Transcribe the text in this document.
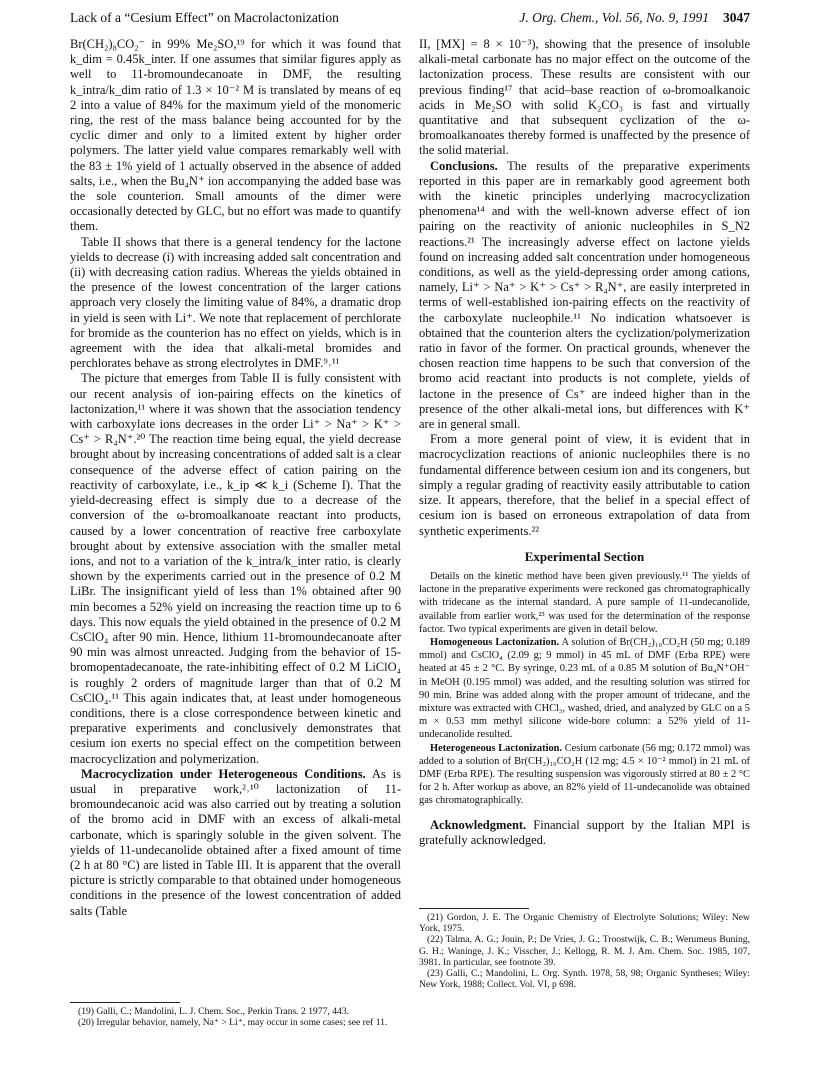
Lack of a “Cesium Effect” on Macrolactonization	J. Org. Chem., Vol. 56, No. 9, 1991 3047

Br(CH₂)₈CO₂⁻ in 99% Me₂SO,¹⁹ for which it was found that k_dim = 0.45k_inter. If one assumes that similar figures apply as well to 11-bromoundecanoate in DMF, the resulting k_intra/k_dim ratio of 1.3 × 10⁻² M is translated by means of eq 2 into a value of 84% for the maximum yield of the monomeric ring, the rest of the mass balance being accounted for by the cyclic dimer and only to a limited extent by higher order polymers. The latter yield value compares remarkably well with the 83 ± 1% yield of 1 actually observed in the absence of added salts, i.e., when the Bu₄N⁺ ion accompanying the added base was the sole counterion. Small amounts of the dimer were occasionally detected by GLC, but no effort was made to quantify them.

Table II shows that there is a general tendency for the lactone yields to decrease (i) with increasing added salt concentration and (ii) with decreasing cation radius. Whereas the yields obtained in the presence of the lowest concentration of the larger cations approach very closely the limiting value of 84%, a dramatic drop in yield is seen with Li⁺. We note that replacement of perchlorate for bromide as the counterion has no effect on yields, which is in agreement with the idea that alkali-metal bromides and perchlorates behave as strong electrolytes in DMF.⁹˒¹¹

The picture that emerges from Table II is fully consistent with our recent analysis of ion-pairing effects on the kinetics of lactonization,¹¹ where it was shown that the association tendency with carboxylate ions decreases in the order Li⁺ > Na⁺ > K⁺ > Cs⁺ > R₄N⁺.²⁰ The reaction time being equal, the yield decrease brought about by increasing concentrations of added salt is a clear consequence of the adverse effect of cation pairing on the reactivity of carboxylate, i.e., k_ip ≪ k_i (Scheme I). That the yield-decreasing effect is simply due to a decrease of the conversion of the ω-bromoalkanoate reactant into products, caused by a lower concentration of reactive free carboxylate brought about by extensive association with the smaller metal ions, and not to a variation of the k_intra/k_inter ratio, is clearly shown by the experiments carried out in the presence of 0.2 M LiBr. The insignificant yield of less than 1% obtained after 90 min becomes a 52% yield on increasing the reaction time up to 6 days. This now equals the yield obtained in the presence of 0.2 M CsClO₄ after 90 min. Hence, lithium 11-bromoundecanoate after 90 min was almost unreacted. Judging from the behavior of 15-bromopentadecanoate, the rate-inhibiting effect of 0.2 M LiClO₄ is roughly 2 orders of magnitude larger than that of 0.2 M CsClO₄.¹¹ This again indicates that, at least under homogeneous conditions, there is a close correspondence between kinetic and preparative experiments and conclusively demonstrates that cesium ion exerts no special effect on the competition between macrocyclization and polymerization.

Macrocyclization under Heterogeneous Conditions. As is usual in preparative work,²˒¹⁰ lactonization of 11-bromoundecanoic acid was also carried out by treating a solution of the bromo acid in DMF with an excess of alkali-metal carbonate, which is sparingly soluble in the given solvent. The yields of 11-undecanolide obtained after a fixed amount of time (2 h at 80 °C) are listed in Table III. It is apparent that the overall picture is strictly comparable to that obtained under homogeneous conditions in the presence of the lowest concentration of added salts (Table

II, [MX] = 8 × 10⁻³), showing that the presence of insoluble alkali-metal carbonate has no major effect on the outcome of the lactonization process. These results are consistent with our previous finding¹⁷ that acid–base reaction of ω-bromoalkanoic acids in Me₂SO with solid K₂CO₃ is fast and virtually quantitative and that subsequent cyclization of the ω-bromoalkanoates thereby formed is unaffected by the presence of the solid material.

Conclusions. The results of the preparative experiments reported in this paper are in remarkably good agreement both with the kinetic principles underlying macrocyclization phenomena¹⁴ and with the well-known adverse effect of ion pairing on the reactivity of anionic nucleophiles in S_N2 reactions.²¹ The increasingly adverse effect on lactone yields found on increasing added salt concentration under homogeneous conditions, as well as the yield-depressing order among cations, namely, Li⁺ > Na⁺ > K⁺ > Cs⁺ > R₄N⁺, are easily interpreted in terms of well-established ion-pairing effects on the reactivity of the carboxylate nucleophile.¹¹ No indication whatsoever is obtained that the counterion alters the cyclization/polymerization ratio in favor of the former. On practical grounds, whenever the chosen reaction time happens to be such that conversion of the bromo acid reactant into products is not complete, yields of lactone in the presence of Cs⁺ are indeed higher than in the presence of the other alkali-metal ions, but differences with K⁺ are in general small.

From a more general point of view, it is evident that in macrocyclization reactions of anionic nucleophiles there is no fundamental difference between cesium ion and its congeners, but simply a regular grading of reactivity easily attributable to cation size. It appears, therefore, that the belief in a special effect of cesium ion is based on erroneous extrapolation of data from synthetic experiments.²²

Experimental Section

Details on the kinetic method have been given previously.¹¹ The yields of lactone in the preparative experiments were reckoned gas chromatographically with tridecane as the internal standard. A pure sample of 11-undecanolide, available from earlier work,²³ was used for the determination of the response factor. Two typical experiments are given in detail below.

Homogeneous Lactonization. A solution of Br(CH₂)₁₀CO₂H (50 mg; 0.189 mmol) and CsClO₄ (2.09 g; 9 mmol) in 45 mL of DMF (Erba RPE) were heated at 45 ± 2 °C. By syringe, 0.23 mL of a 0.85 M solution of Bu₄N⁺OH⁻ in MeOH (0.195 mmol) was added, and the resulting solution was stirred for 90 min. Brine was added along with the proper amount of tridecane, and the mixture was extracted with CHCl₃, washed, dried, and analyzed by GLC on a 5 m × 0.53 mm methyl silicone wide-bore column: a 52% yield of 11-undecanolide resulted.

Heterogeneous Lactonization. Cesium carbonate (56 mg; 0.172 mmol) was added to a solution of Br(CH₂)₁₀CO₂H (12 mg; 4.5 × 10⁻² mmol) in 21 mL of DMF (Erba RPE). The resulting suspension was vigorously stirred at 80 ± 2 °C for 2 h. After workup as above, an 82% yield of 11-undecanolide was obtained gas chromatographically.

Acknowledgment. Financial support by the Italian MPI is gratefully acknowledged.

(21) Gordon, J. E. The Organic Chemistry of Electrolyte Solutions; Wiley: New York, 1975.

(22) Talma, A. G.; Jouin, P.; De Vries, J. G.; Troostwijk, C. B.; Werumeus Buning, G. H.; Waninge, J. K.; Visscher, J.; Kellogg, R. M. J. Am. Chem. Soc. 1985, 107, 3981. In particular, see footnote 39.

(23) Galli, C.; Mandolini, L. Org. Synth. 1978, 58, 98; Organic Syntheses; Wiley: New York, 1988; Collect. Vol. VI, p 698.

(19) Galli, C.; Mandolini, L. J. Chem. Soc., Perkin Trans. 2 1977, 443.

(20) Irregular behavior, namely, Na⁺ > Li⁺, may occur in some cases; see ref 11.
